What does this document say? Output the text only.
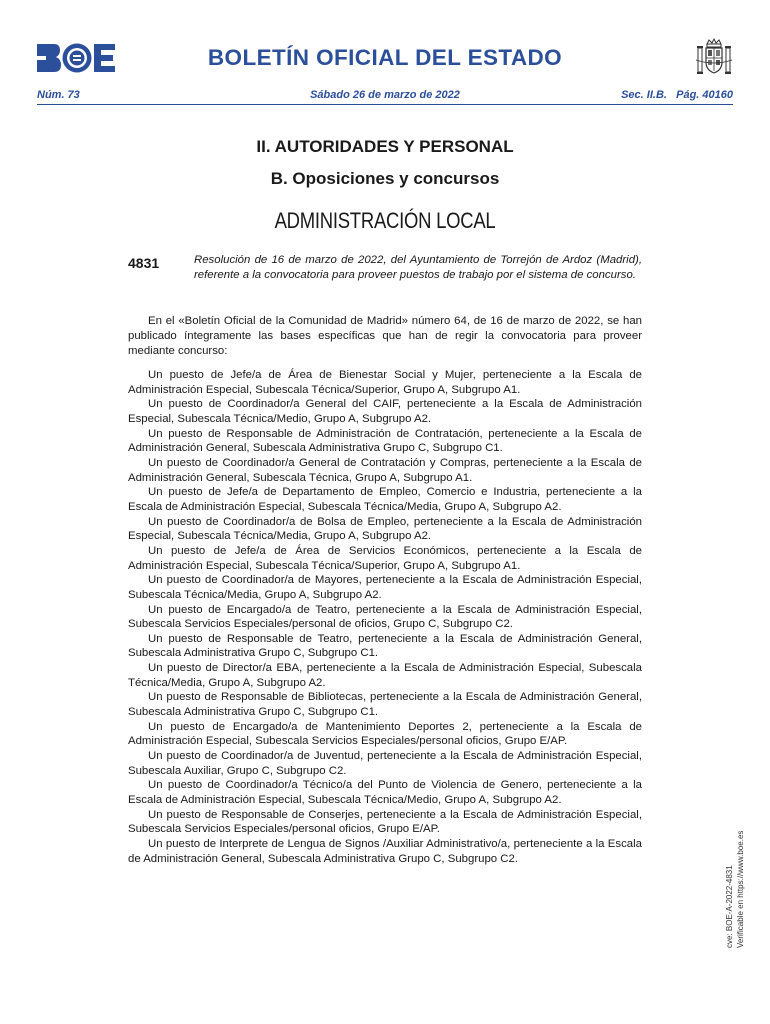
BOLETÍN OFICIAL DEL ESTADO
Núm. 73	Sábado 26 de marzo de 2022	Sec. II.B.   Pág. 40160
II. AUTORIDADES Y PERSONAL
B. Oposiciones y concursos
ADMINISTRACIÓN LOCAL
4831	Resolución de 16 de marzo de 2022, del Ayuntamiento de Torrejón de Ardoz (Madrid), referente a la convocatoria para proveer puestos de trabajo por el sistema de concurso.

En el «Boletín Oficial de la Comunidad de Madrid» número 64, de 16 de marzo de 2022, se han publicado íntegramente las bases específicas que han de regir la convocatoria para proveer mediante concurso:

Un puesto de Jefe/a de Área de Bienestar Social y Mujer, perteneciente a la Escala de Administración Especial, Subescala Técnica/Superior, Grupo A, Subgrupo A1.

Un puesto de Coordinador/a General del CAIF, perteneciente a la Escala de Administración Especial, Subescala Técnica/Medio, Grupo A, Subgrupo A2.

Un puesto de Responsable de Administración de Contratación, perteneciente a la Escala de Administración General, Subescala Administrativa Grupo C, Subgrupo C1.

Un puesto de Coordinador/a General de Contratación y Compras, perteneciente a la Escala de Administración General, Subescala Técnica, Grupo A, Subgrupo A1.

Un puesto de Jefe/a de Departamento de Empleo, Comercio e Industria, perteneciente a la Escala de Administración Especial, Subescala Técnica/Media, Grupo A, Subgrupo A2.

Un puesto de Coordinador/a de Bolsa de Empleo, perteneciente a la Escala de Administración Especial, Subescala Técnica/Media, Grupo A, Subgrupo A2.

Un puesto de Jefe/a de Área de Servicios Económicos, perteneciente a la Escala de Administración Especial, Subescala Técnica/Superior, Grupo A, Subgrupo A1.

Un puesto de Coordinador/a de Mayores, perteneciente a la Escala de Administración Especial, Subescala Técnica/Media, Grupo A, Subgrupo A2.

Un puesto de Encargado/a de Teatro, perteneciente a la Escala de Administración Especial, Subescala Servicios Especiales/personal de oficios, Grupo C, Subgrupo C2.

Un puesto de Responsable de Teatro, perteneciente a la Escala de Administración General, Subescala Administrativa Grupo C, Subgrupo C1.

Un puesto de Director/a EBA, perteneciente a la Escala de Administración Especial, Subescala Técnica/Media, Grupo A, Subgrupo A2.

Un puesto de Responsable de Bibliotecas, perteneciente a la Escala de Administración General, Subescala Administrativa Grupo C, Subgrupo C1.

Un puesto de Encargado/a de Mantenimiento Deportes 2, perteneciente a la Escala de Administración Especial, Subescala Servicios Especiales/personal oficios, Grupo E/AP.

Un puesto de Coordinador/a de Juventud, perteneciente a la Escala de Administración Especial, Subescala Auxiliar, Grupo C, Subgrupo C2.

Un puesto de Coordinador/a Técnico/a del Punto de Violencia de Genero, perteneciente a la Escala de Administración Especial, Subescala Técnica/Medio, Grupo A, Subgrupo A2.

Un puesto de Responsable de Conserjes, perteneciente a la Escala de Administración Especial, Subescala Servicios Especiales/personal oficios, Grupo E/AP.

Un puesto de Interprete de Lengua de Signos /Auxiliar Administrativo/a, perteneciente a la Escala de Administración General, Subescala Administrativa Grupo C, Subgrupo C2.

cve: BOE-A-2022-4831 Verificable en https://www.boe.es
